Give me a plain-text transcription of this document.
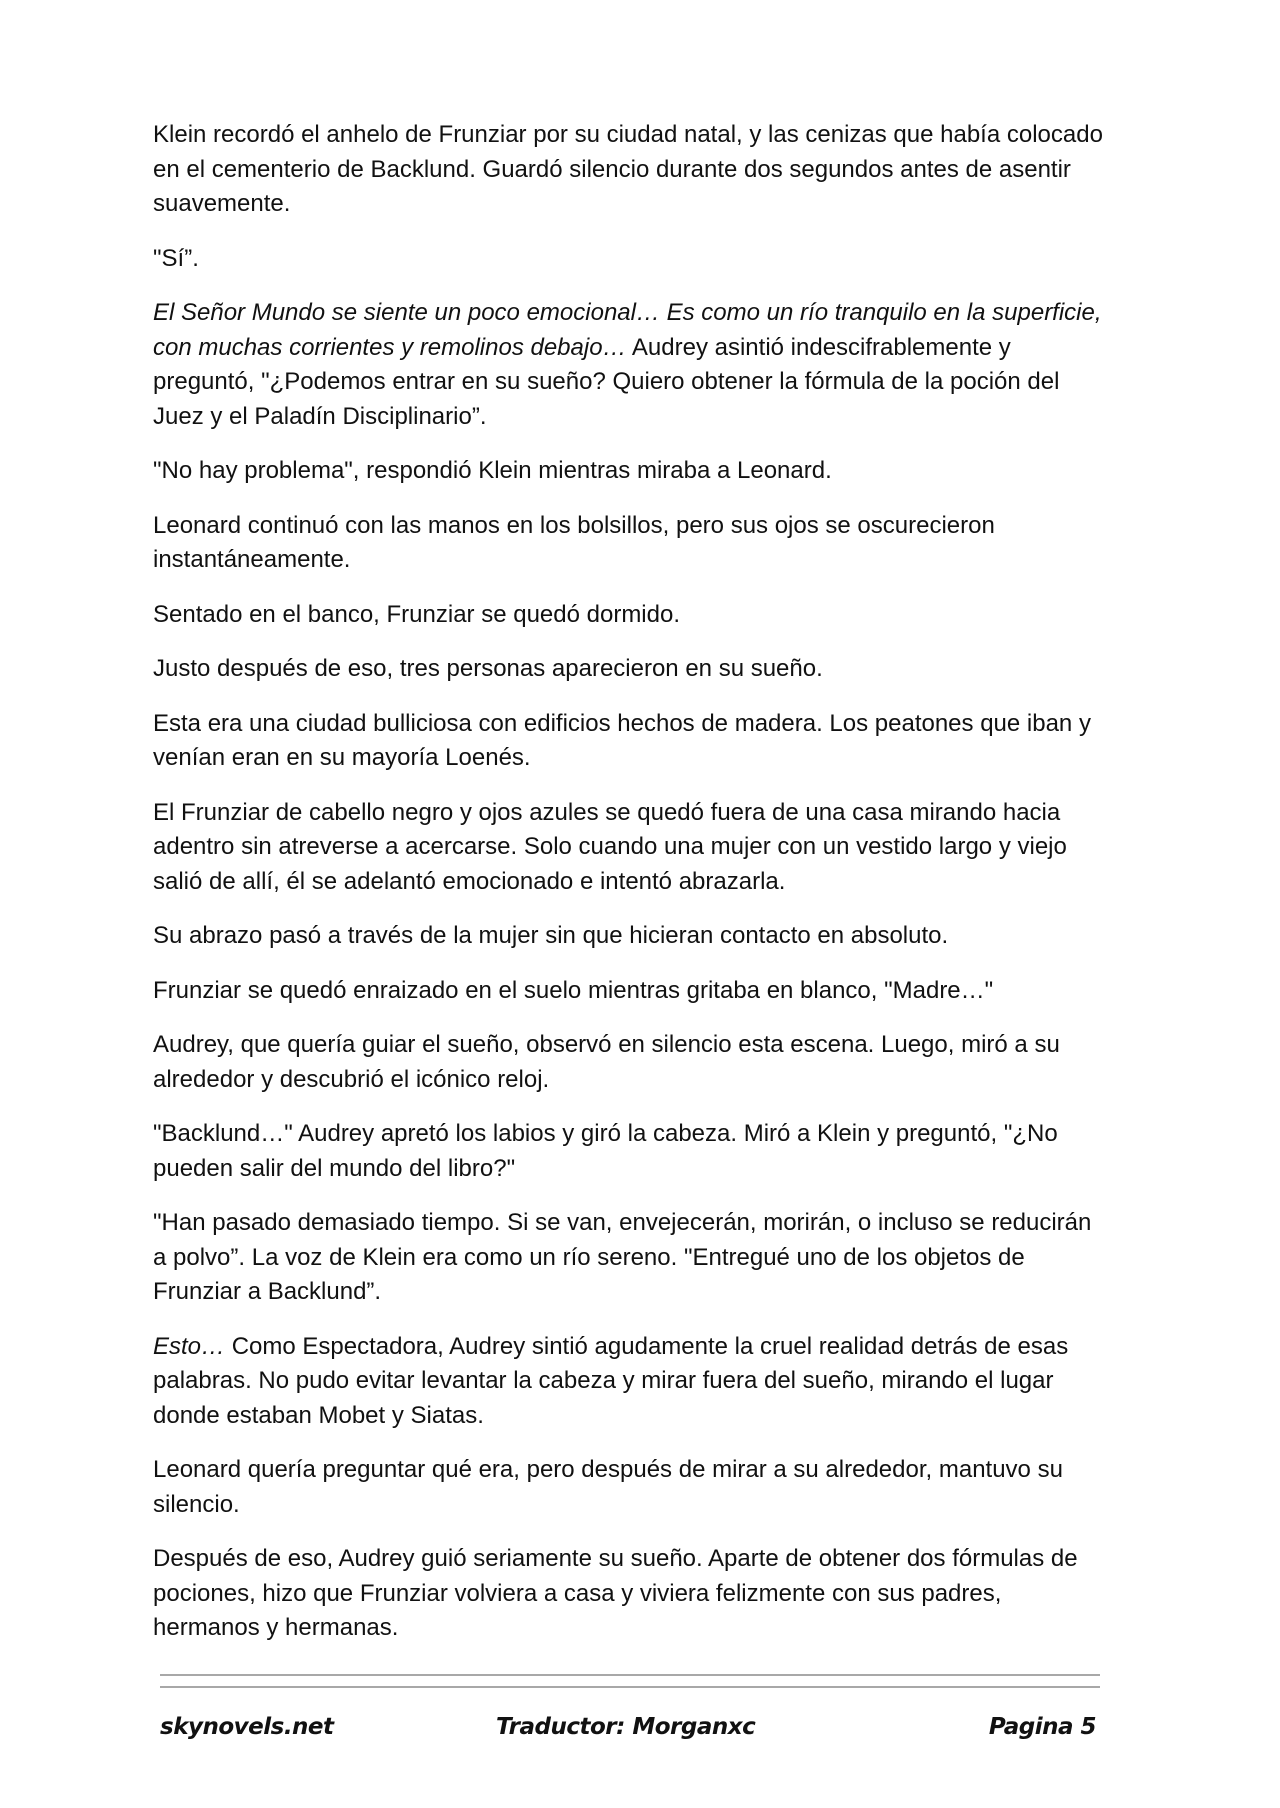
Klein recordó el anhelo de Frunziar por su ciudad natal, y las cenizas que había colocado en el cementerio de Backlund. Guardó silencio durante dos segundos antes de asentir suavemente.

"Sí”.

El Señor Mundo se siente un poco emocional… Es como un río tranquilo en la superficie, con muchas corrientes y remolinos debajo… Audrey asintió indescifrablemente y preguntó, "¿Podemos entrar en su sueño? Quiero obtener la fórmula de la poción del Juez y el Paladín Disciplinario”.

"No hay problema", respondió Klein mientras miraba a Leonard.

Leonard continuó con las manos en los bolsillos, pero sus ojos se oscurecieron instantáneamente.

Sentado en el banco, Frunziar se quedó dormido.

Justo después de eso, tres personas aparecieron en su sueño.

Esta era una ciudad bulliciosa con edificios hechos de madera. Los peatones que iban y venían eran en su mayoría Loenés.

El Frunziar de cabello negro y ojos azules se quedó fuera de una casa mirando hacia adentro sin atreverse a acercarse. Solo cuando una mujer con un vestido largo y viejo salió de allí, él se adelantó emocionado e intentó abrazarla.

Su abrazo pasó a través de la mujer sin que hicieran contacto en absoluto.

Frunziar se quedó enraizado en el suelo mientras gritaba en blanco, "Madre…"

Audrey, que quería guiar el sueño, observó en silencio esta escena. Luego, miró a su alrededor y descubrió el icónico reloj.

"Backlund…" Audrey apretó los labios y giró la cabeza. Miró a Klein y preguntó, "¿No pueden salir del mundo del libro?"

"Han pasado demasiado tiempo. Si se van, envejecerán, morirán, o incluso se reducirán a polvo”. La voz de Klein era como un río sereno. "Entregué uno de los objetos de Frunziar a Backlund”.

Esto… Como Espectadora, Audrey sintió agudamente la cruel realidad detrás de esas palabras. No pudo evitar levantar la cabeza y mirar fuera del sueño, mirando el lugar donde estaban Mobet y Siatas.

Leonard quería preguntar qué era, pero después de mirar a su alrededor, mantuvo su silencio.

Después de eso, Audrey guió seriamente su sueño. Aparte de obtener dos fórmulas de pociones, hizo que Frunziar volviera a casa y viviera felizmente con sus padres, hermanos y hermanas.

skynovels.net	Traductor: Morganxc	Pagina 5
